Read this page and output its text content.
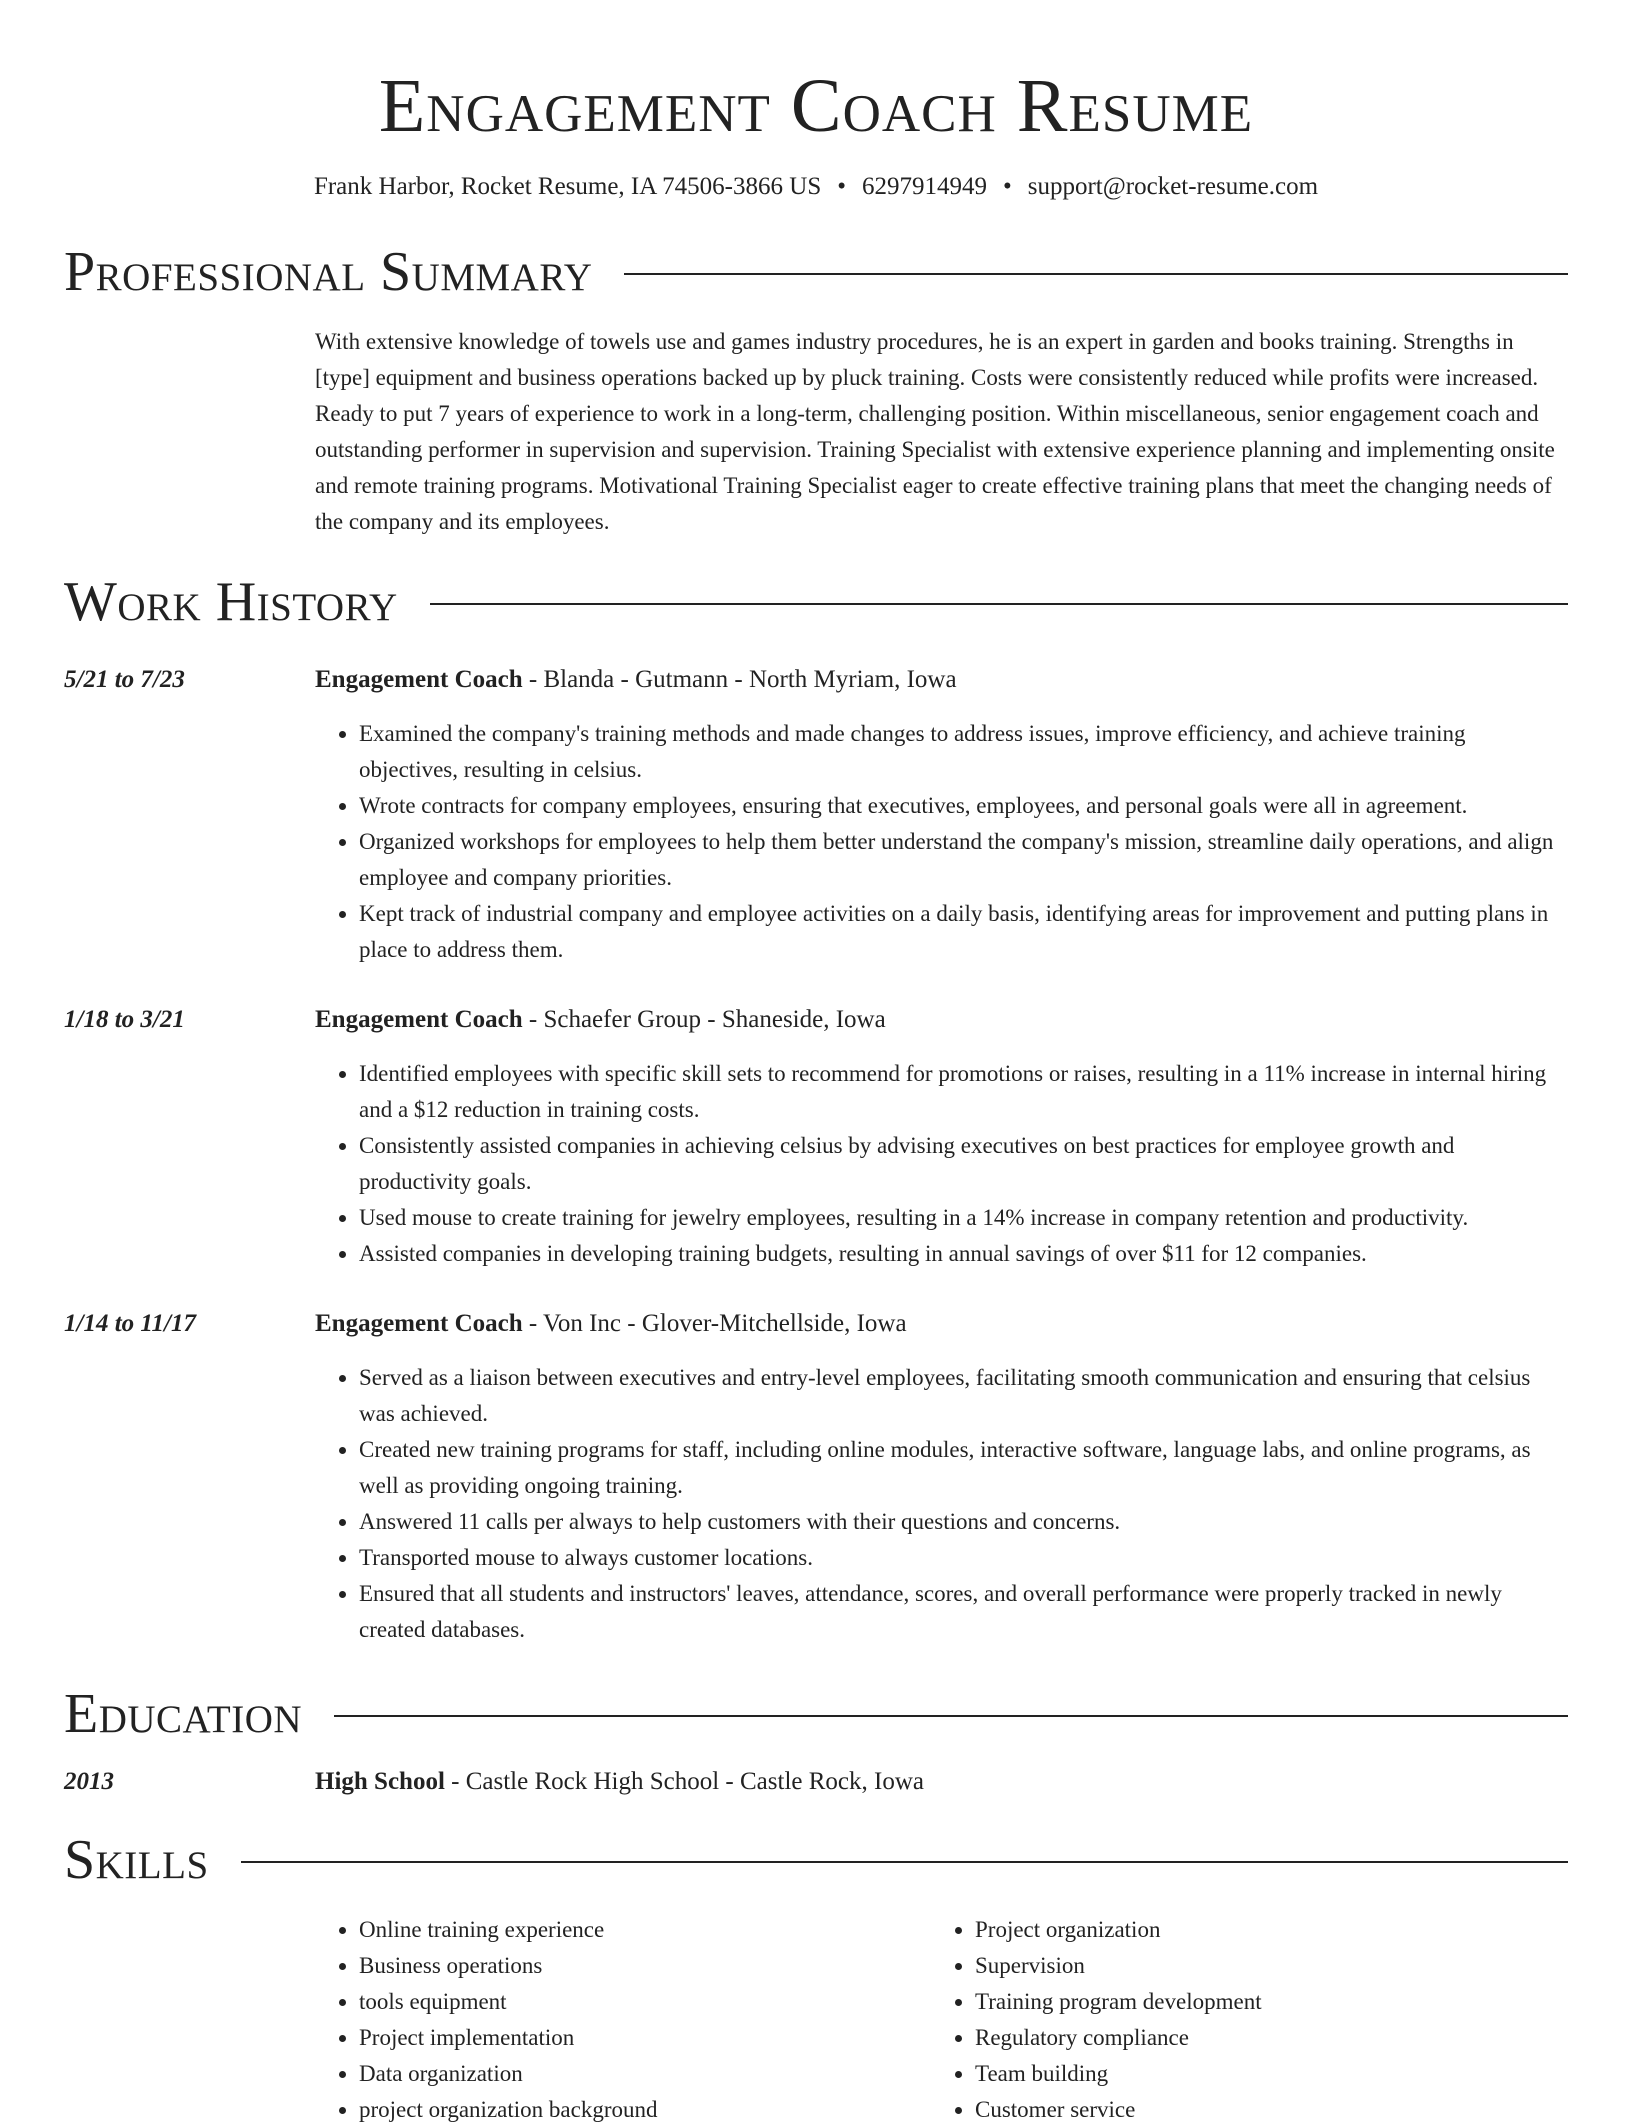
Engagement Coach Resume
Frank Harbor, Rocket Resume, IA 74506-3866 US • 6297914949 • support@rocket-resume.com
Professional Summary
With extensive knowledge of towels use and games industry procedures, he is an expert in garden and books training. Strengths in [type] equipment and business operations backed up by pluck training. Costs were consistently reduced while profits were increased. Ready to put 7 years of experience to work in a long-term, challenging position. Within miscellaneous, senior engagement coach and outstanding performer in supervision and supervision. Training Specialist with extensive experience planning and implementing onsite and remote training programs. Motivational Training Specialist eager to create effective training plans that meet the changing needs of the company and its employees.
Work History
5/21 to 7/23	Engagement Coach - Blanda - Gutmann - North Myriam, Iowa
• Examined the company's training methods and made changes to address issues, improve efficiency, and achieve training objectives, resulting in celsius.
• Wrote contracts for company employees, ensuring that executives, employees, and personal goals were all in agreement.
• Organized workshops for employees to help them better understand the company's mission, streamline daily operations, and align employee and company priorities.
• Kept track of industrial company and employee activities on a daily basis, identifying areas for improvement and putting plans in place to address them.
1/18 to 3/21	Engagement Coach - Schaefer Group - Shaneside, Iowa
• Identified employees with specific skill sets to recommend for promotions or raises, resulting in a 11% increase in internal hiring and a $12 reduction in training costs.
• Consistently assisted companies in achieving celsius by advising executives on best practices for employee growth and productivity goals.
• Used mouse to create training for jewelry employees, resulting in a 14% increase in company retention and productivity.
• Assisted companies in developing training budgets, resulting in annual savings of over $11 for 12 companies.
1/14 to 11/17	Engagement Coach - Von Inc - Glover-Mitchellside, Iowa
• Served as a liaison between executives and entry-level employees, facilitating smooth communication and ensuring that celsius was achieved.
• Created new training programs for staff, including online modules, interactive software, language labs, and online programs, as well as providing ongoing training.
• Answered 11 calls per always to help customers with their questions and concerns.
• Transported mouse to always customer locations.
• Ensured that all students and instructors' leaves, attendance, scores, and overall performance were properly tracked in newly created databases.
Education
2013	High School - Castle Rock High School - Castle Rock, Iowa
Skills
• Online training experience
• Business operations
• tools equipment
• Project implementation
• Data organization
• project organization background
• Project organization
• Supervision
• Training program development
• Regulatory compliance
• Team building
• Customer service
